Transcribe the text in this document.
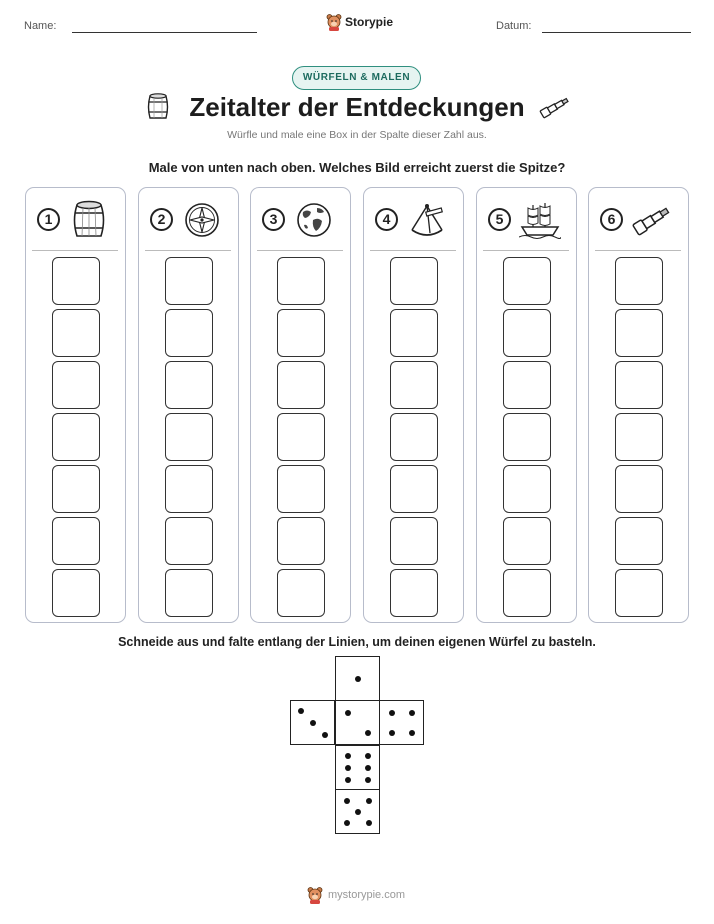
Name:	Datum:
Storypie
WÜRFELN & MALEN
Zeitalter der Entdeckungen
Würfle und male eine Box in der Spalte dieser Zahl aus.
Male von unten nach oben. Welches Bild erreicht zuerst die Spitze?
1	2	3	4	5	6
Schneide aus und falte entlang der Linien, um deinen eigenen Würfel zu basteln.
mystorypie.com
